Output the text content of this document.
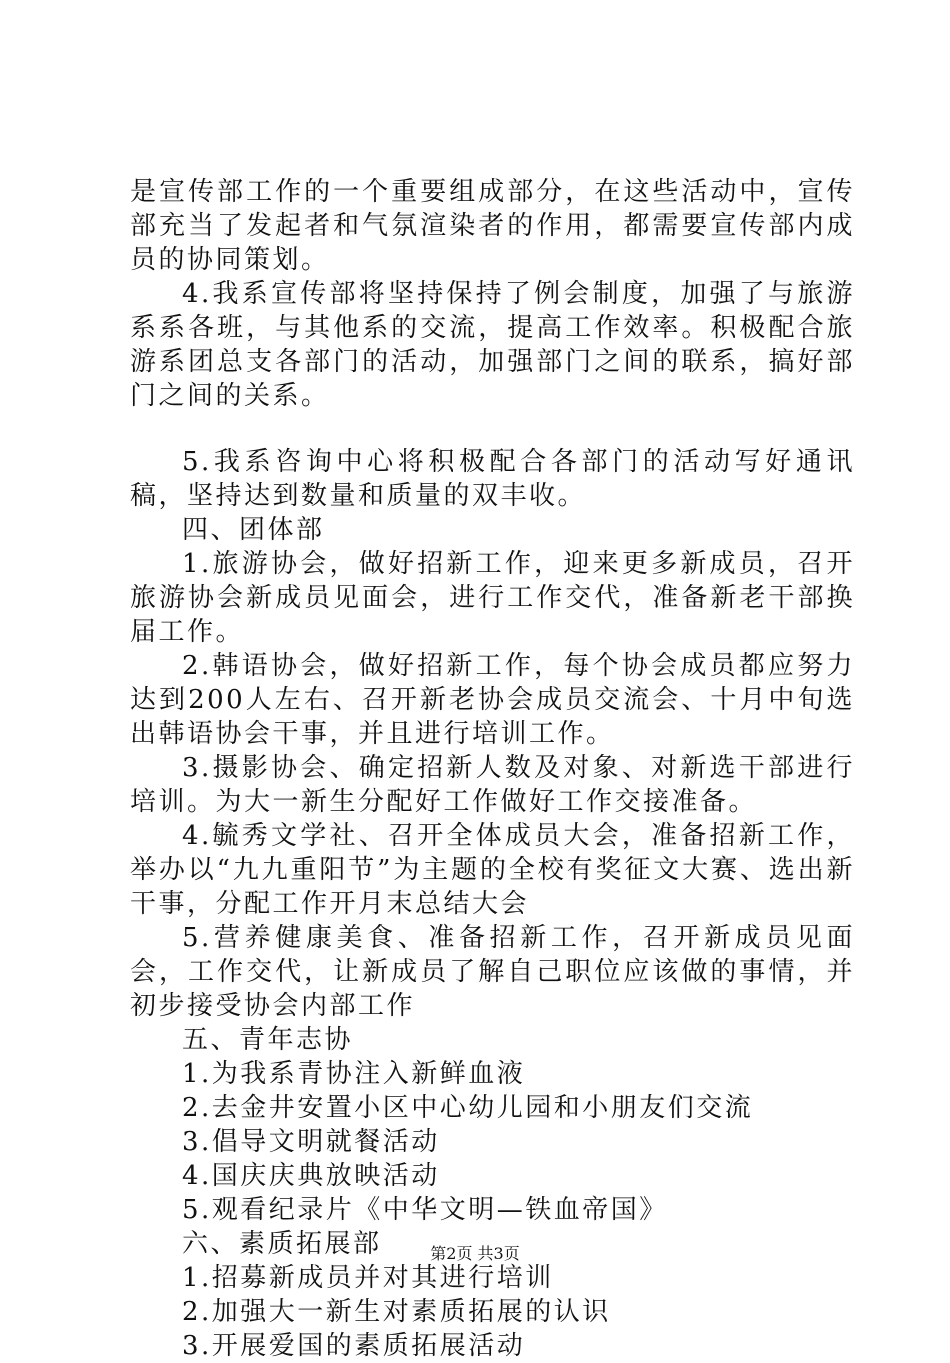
是宣传部工作的一个重要组成部分，在这些活动中，宣传部充当了发起者和气氛渲染者的作用，都需要宣传部内成员的协同策划。

4.我系宣传部将坚持保持了例会制度，加强了与旅游系系各班，与其他系的交流，提高工作效率。积极配合旅游系团总支各部门的活动，加强部门之间的联系，搞好部门之间的关系。

5.我系咨询中心将积极配合各部门的活动写好通讯稿，坚持达到数量和质量的双丰收。

四、团体部

1.旅游协会，做好招新工作，迎来更多新成员，召开旅游协会新成员见面会，进行工作交代，准备新老干部换届工作。

2.韩语协会，做好招新工作，每个协会成员都应努力达到200人左右、召开新老协会成员交流会、十月中旬选出韩语协会干事，并且进行培训工作。

3.摄影协会、确定招新人数及对象、对新选干部进行培训。为大一新生分配好工作做好工作交接准备。

4.毓秀文学社、召开全体成员大会，准备招新工作，举办以“九九重阳节”为主题的全校有奖征文大赛、选出新干事，分配工作开月末总结大会

5.营养健康美食、准备招新工作，召开新成员见面会，工作交代，让新成员了解自己职位应该做的事情，并初步接受协会内部工作

五、青年志协

1.为我系青协注入新鲜血液

2.去金井安置小区中心幼儿园和小朋友们交流

3.倡导文明就餐活动

4.国庆庆典放映活动

5.观看纪录片《中华文明—铁血帝国》

六、素质拓展部

1.招募新成员并对其进行培训

2.加强大一新生对素质拓展的认识

3.开展爱国的素质拓展活动

第2页 共3页
